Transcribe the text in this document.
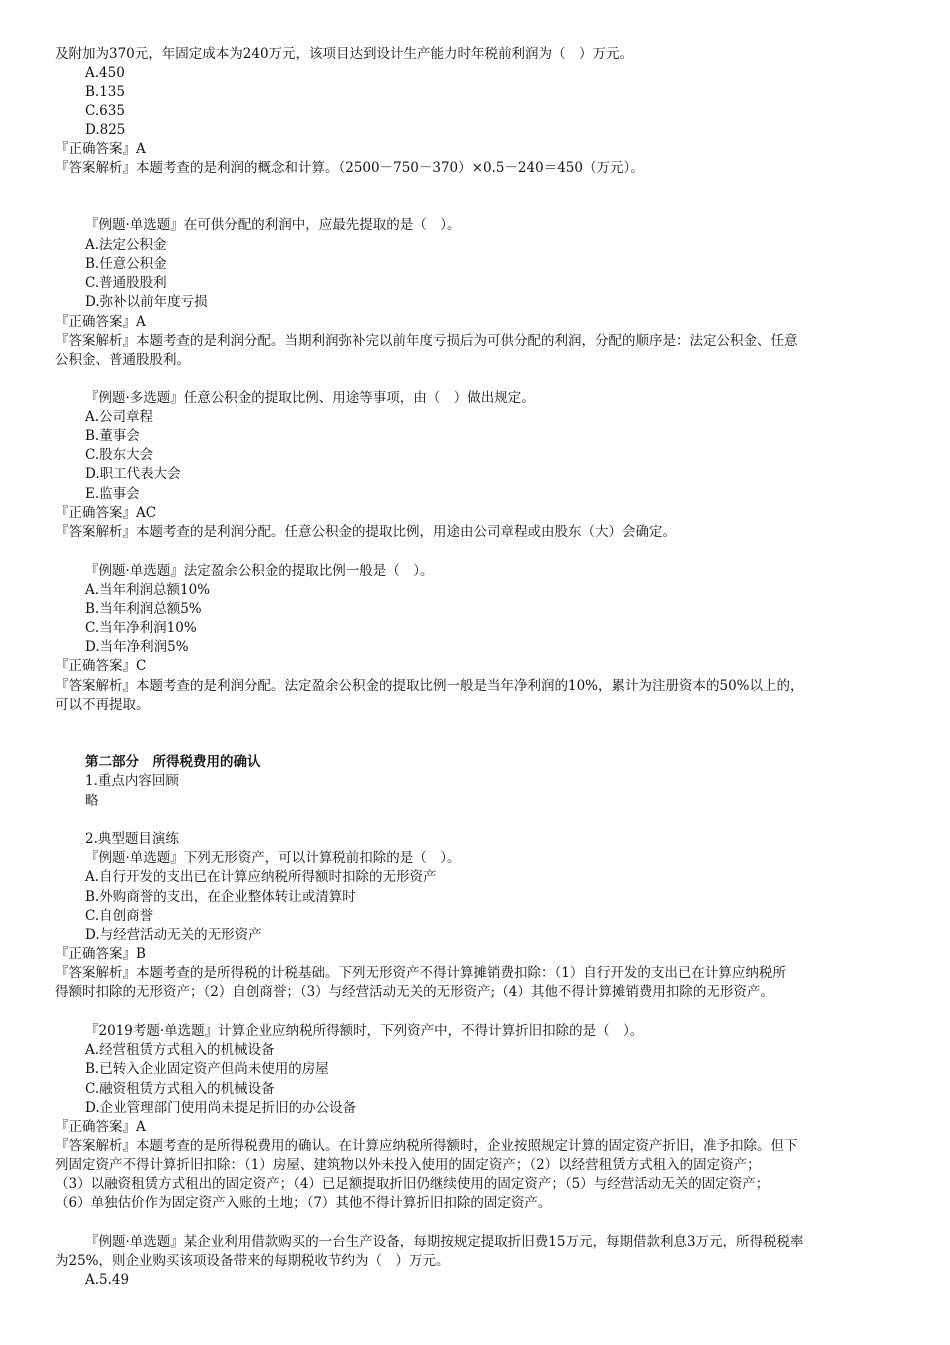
及附加为370元，年固定成本为240万元，该项目达到设计生产能力时年税前利润为（　）万元。
A.450
B.135
C.635
D.825
『正确答案』A
『答案解析』本题考查的是利润的概念和计算。（2500－750－370）×0.5－240＝450（万元）。
『例题·单选题』在可供分配的利润中，应最先提取的是（　）。
A.法定公积金
B.任意公积金
C.普通股股利
D.弥补以前年度亏损
『正确答案』A
『答案解析』本题考查的是利润分配。当期利润弥补完以前年度亏损后为可供分配的利润，分配的顺序是：法定公积金、任意
公积金、普通股股利。
『例题·多选题』任意公积金的提取比例、用途等事项，由（　）做出规定。
A.公司章程
B.董事会
C.股东大会
D.职工代表大会
E.监事会
『正确答案』AC
『答案解析』本题考查的是利润分配。任意公积金的提取比例，用途由公司章程或由股东（大）会确定。
『例题·单选题』法定盈余公积金的提取比例一般是（　）。
A.当年利润总额10%
B.当年利润总额5%
C.当年净利润10%
D.当年净利润5%
『正确答案』C
『答案解析』本题考查的是利润分配。法定盈余公积金的提取比例一般是当年净利润的10%，累计为注册资本的50%以上的，
可以不再提取。
第二部分　所得税费用的确认
1.重点内容回顾
略
2.典型题目演练
『例题·单选题』下列无形资产，可以计算税前扣除的是（　）。
A.自行开发的支出已在计算应纳税所得额时扣除的无形资产
B.外购商誉的支出，在企业整体转让或清算时
C.自创商誉
D.与经营活动无关的无形资产
『正确答案』B
『答案解析』本题考查的是所得税的计税基础。下列无形资产不得计算摊销费扣除：（1）自行开发的支出已在计算应纳税所
得额时扣除的无形资产；（2）自创商誉；（3）与经营活动无关的无形资产;（4）其他不得计算摊销费用扣除的无形资产。
『2019考题·单选题』计算企业应纳税所得额时，下列资产中，不得计算折旧扣除的是（　）。
A.经营租赁方式租入的机械设备
B.已转入企业固定资产但尚未使用的房屋
C.融资租赁方式租入的机械设备
D.企业管理部门使用尚未提足折旧的办公设备
『正确答案』A
『答案解析』本题考查的是所得税费用的确认。在计算应纳税所得额时，企业按照规定计算的固定资产折旧，准予扣除。但下
列固定资产不得计算折旧扣除：（1）房屋、建筑物以外未投入使用的固定资产；（2）以经营租赁方式租入的固定资产；
（3）以融资租赁方式租出的固定资产；（4）已足额提取折旧仍继续使用的固定资产；（5）与经营活动无关的固定资产；
（6）单独估价作为固定资产入账的土地；（7）其他不得计算折旧扣除的固定资产。
『例题·单选题』某企业利用借款购买的一台生产设备，每期按规定提取折旧费15万元，每期借款利息3万元，所得税税率
为25%，则企业购买该项设备带来的每期税收节约为（　）万元。
A.5.49
